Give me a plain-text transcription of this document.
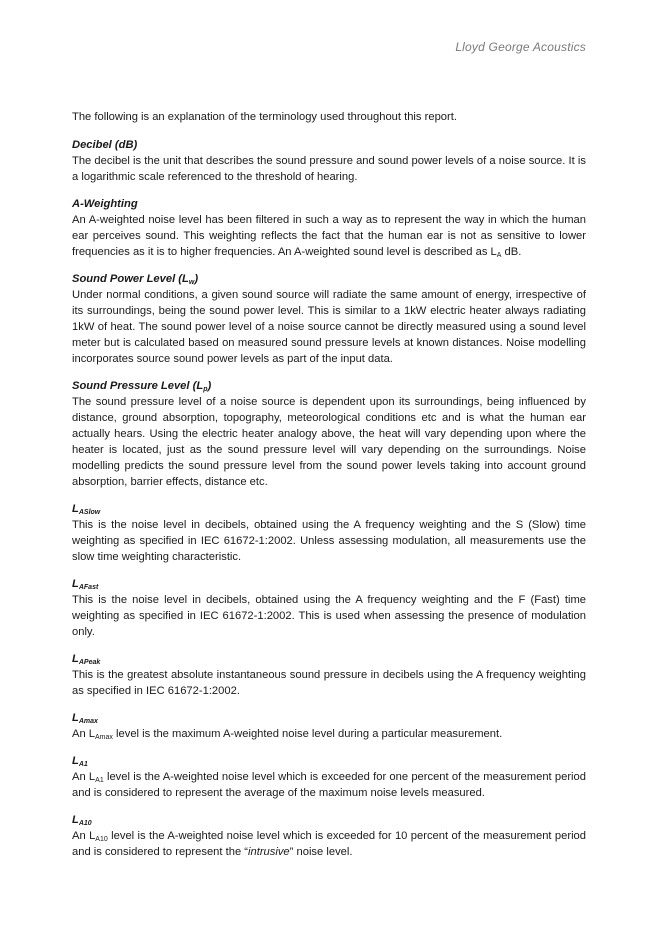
Lloyd George Acoustics

The following is an explanation of the terminology used throughout this report.

Decibel (dB)

The decibel is the unit that describes the sound pressure and sound power levels of a noise source. It is a logarithmic scale referenced to the threshold of hearing.

A-Weighting

An A-weighted noise level has been filtered in such a way as to represent the way in which the human ear perceives sound. This weighting reflects the fact that the human ear is not as sensitive to lower frequencies as it is to higher frequencies. An A-weighted sound level is described as $L_A$ dB.

Sound Power Level $(L_w)$

Under normal conditions, a given sound source will radiate the same amount of energy, irrespective of its surroundings, being the sound power level. This is similar to a 1kW electric heater always radiating 1kW of heat. The sound power level of a noise source cannot be directly measured using a sound level meter but is calculated based on measured sound pressure levels at known distances. Noise modelling incorporates source sound power levels as part of the input data.

Sound Pressure Level $(L_p)$

The sound pressure level of a noise source is dependent upon its surroundings, being influenced by distance, ground absorption, topography, meteorological conditions etc and is what the human ear actually hears. Using the electric heater analogy above, the heat will vary depending upon where the heater is located, just as the sound pressure level will vary depending on the surroundings. Noise modelling predicts the sound pressure level from the sound power levels taking into account ground absorption, barrier effects, distance etc.

$L_{ASlow}$

This is the noise level in decibels, obtained using the A frequency weighting and the S (Slow) time weighting as specified in IEC 61672-1:2002. Unless assessing modulation, all measurements use the slow time weighting characteristic.

$L_{AFast}$

This is the noise level in decibels, obtained using the A frequency weighting and the F (Fast) time weighting as specified in IEC 61672-1:2002. This is used when assessing the presence of modulation only.

$L_{APeak}$

This is the greatest absolute instantaneous sound pressure in decibels using the A frequency weighting as specified in IEC 61672-1:2002.

$L_{Amax}$

An $L_{Amax}$ level is the maximum A-weighted noise level during a particular measurement.

$L_{A1}$

An $L_{A1}$ level is the A-weighted noise level which is exceeded for one percent of the measurement period and is considered to represent the average of the maximum noise levels measured.

$L_{A10}$

An $L_{A10}$ level is the A-weighted noise level which is exceeded for 10 percent of the measurement period and is considered to represent the “intrusive” noise level.
